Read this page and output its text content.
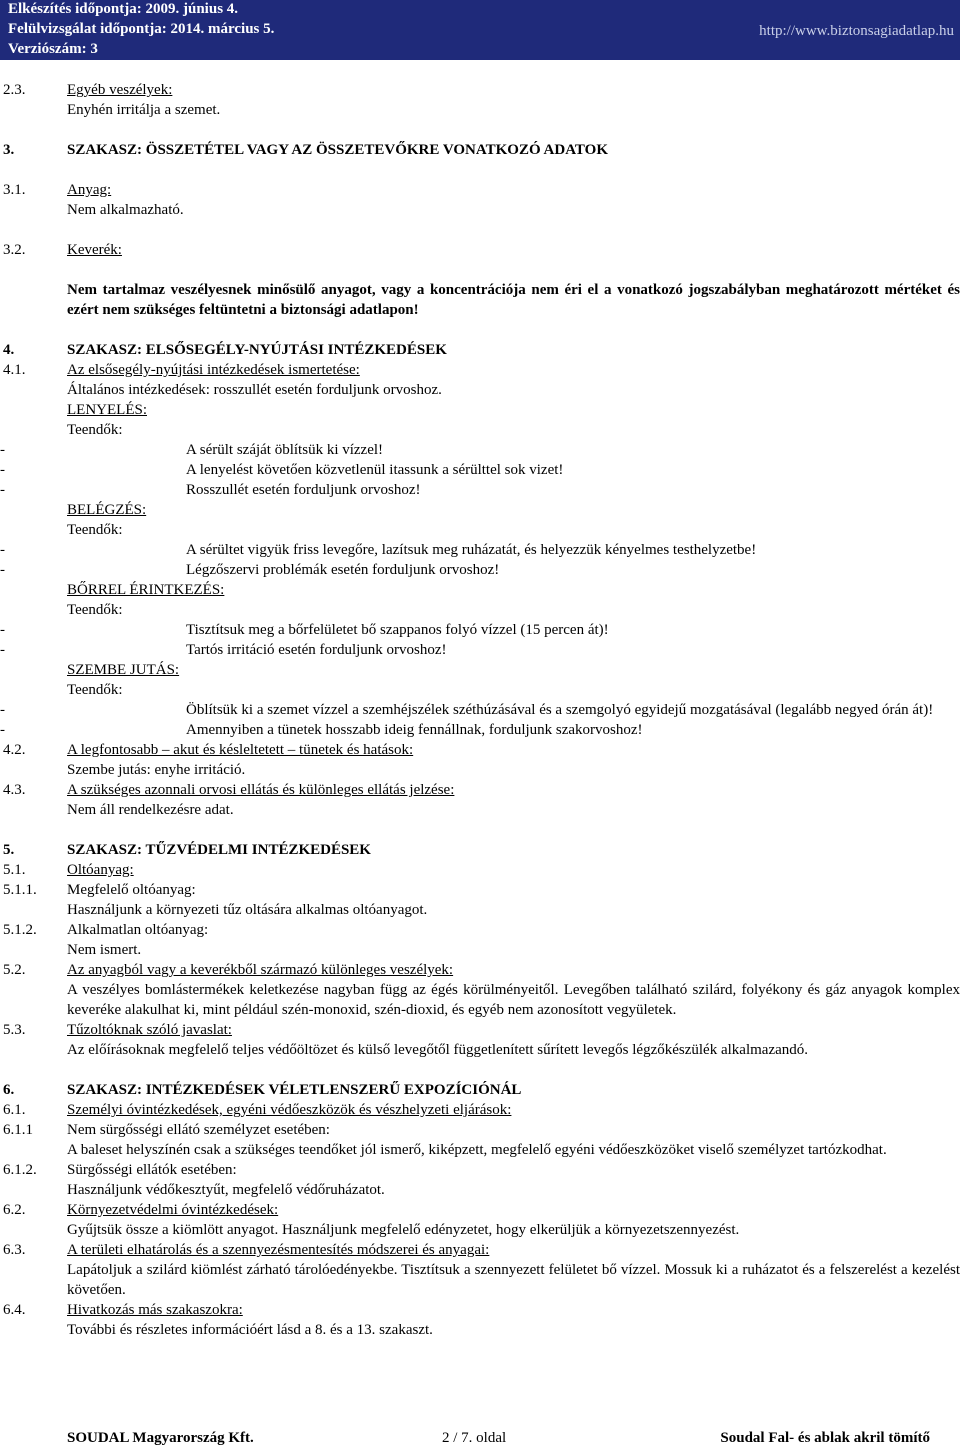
Elkészítés időpontja: 2009. június 4.
Felülvizsgálat időpontja: 2014. március 5.
Verziószám: 3
http://www.biztonsagiadatlap.hu
2.3.	Egyéb veszélyek:
Enyhén irritálja a szemet.
3.	SZAKASZ: ÖSSZETÉTEL VAGY AZ ÖSSZETEVŐKRE VONATKOZÓ ADATOK
3.1.	Anyag:
Nem alkalmazható.
3.2.	Keverék:
Nem tartalmaz veszélyesnek minősülő anyagot, vagy a koncentrációja nem éri el a vonatkozó jogszabályban meghatározott mértéket és ezért nem szükséges feltüntetni a biztonsági adatlapon!
4.	SZAKASZ: ELSŐSEGÉLY-NYÚJTÁSI INTÉZKEDÉSEK
4.1.	Az elsősegély-nyújtási intézkedések ismertetése:
Általános intézkedések: rosszullét esetén forduljunk orvoshoz.
LENYELÉS:
Teendők:
-	A sérült száját öblítsük ki vízzel!
-	A lenyelést követően közvetlenül itassunk a sérülttel sok vizet!
-	Rosszullét esetén forduljunk orvoshoz!
BELÉGZÉS:
Teendők:
-	A sérültet vigyük friss levegőre, lazítsuk meg ruházatát, és helyezzük kényelmes testhelyzetbe!
-	Légzőszervi problémák esetén forduljunk orvoshoz!
BŐRREL ÉRINTKEZÉS:
Teendők:
-	Tisztítsuk meg a bőrfelületet bő szappanos folyó vízzel (15 percen át)!
-	Tartós irritáció esetén forduljunk orvoshoz!
SZEMBE JUTÁS:
Teendők:
-	Öblítsük ki a szemet vízzel a szemhéjszélek széthúzásával és a szemgolyó egyidejű mozgatásával (legalább negyed órán át)!
-	Amennyiben a tünetek hosszabb ideig fennállnak, forduljunk szakorvoshoz!
4.2.	A legfontosabb – akut és késleltetett – tünetek és hatások:
Szembe jutás: enyhe irritáció.
4.3.	A szükséges azonnali orvosi ellátás és különleges ellátás jelzése:
Nem áll rendelkezésre adat.
5.	SZAKASZ: TŰZVÉDELMI INTÉZKEDÉSEK
5.1.	Oltóanyag:
5.1.1. Megfelelő oltóanyag:
Használjunk a környezeti tűz oltására alkalmas oltóanyagot.
5.1.2. Alkalmatlan oltóanyag:
Nem ismert.
5.2.	Az anyagból vagy a keverékből származó különleges veszélyek:
A veszélyes bomlástermékek keletkezése nagyban függ az égés körülményeitől. Levegőben található szilárd, folyékony és gáz anyagok komplex keveréke alakulhat ki, mint például szén-monoxid, szén-dioxid, és egyéb nem azonosított vegyületek.
5.3.	Tűzoltóknak szóló javaslat:
Az előírásoknak megfelelő teljes védőöltözet és külső levegőtől függetlenített sűrített levegős légzőkészülék alkalmazandó.
6.	SZAKASZ: INTÉZKEDÉSEK VÉLETLENSZERŰ EXPOZÍCIÓNÁL
6.1.	Személyi óvintézkedések, egyéni védőeszközök és vészhelyzeti eljárások:
6.1.1 Nem sürgősségi ellátó személyzet esetében:
A baleset helyszínén csak a szükséges teendőket jól ismerő, kiképzett, megfelelő egyéni védőeszközöket viselő személyzet tartózkodhat.
6.1.2. Sürgősségi ellátók esetében:
Használjunk védőkesztyűt, megfelelő védőruházatot.
6.2.	Környezetvédelmi óvintézkedések:
Gyűjtsük össze a kiömlött anyagot. Használjunk megfelelő edényzetet, hogy elkerüljük a környezetszennyezést.
6.3.	A területi elhatárolás és a szennyezésmentesítés módszerei és anyagai:
Lapátoljuk a szilárd kiömlést zárható tárolóedényekbe. Tisztítsuk a szennyezett felületet bő vízzel. Mossuk ki a ruházatot és a felszerelést a kezelést követően.
6.4.	Hivatkozás más szakaszokra:
További és részletes információért lásd a 8. és a 13. szakaszt.
SOUDAL Magyarország Kft.	2 / 7. oldal	Soudal Fal- és ablak akril tömítő
